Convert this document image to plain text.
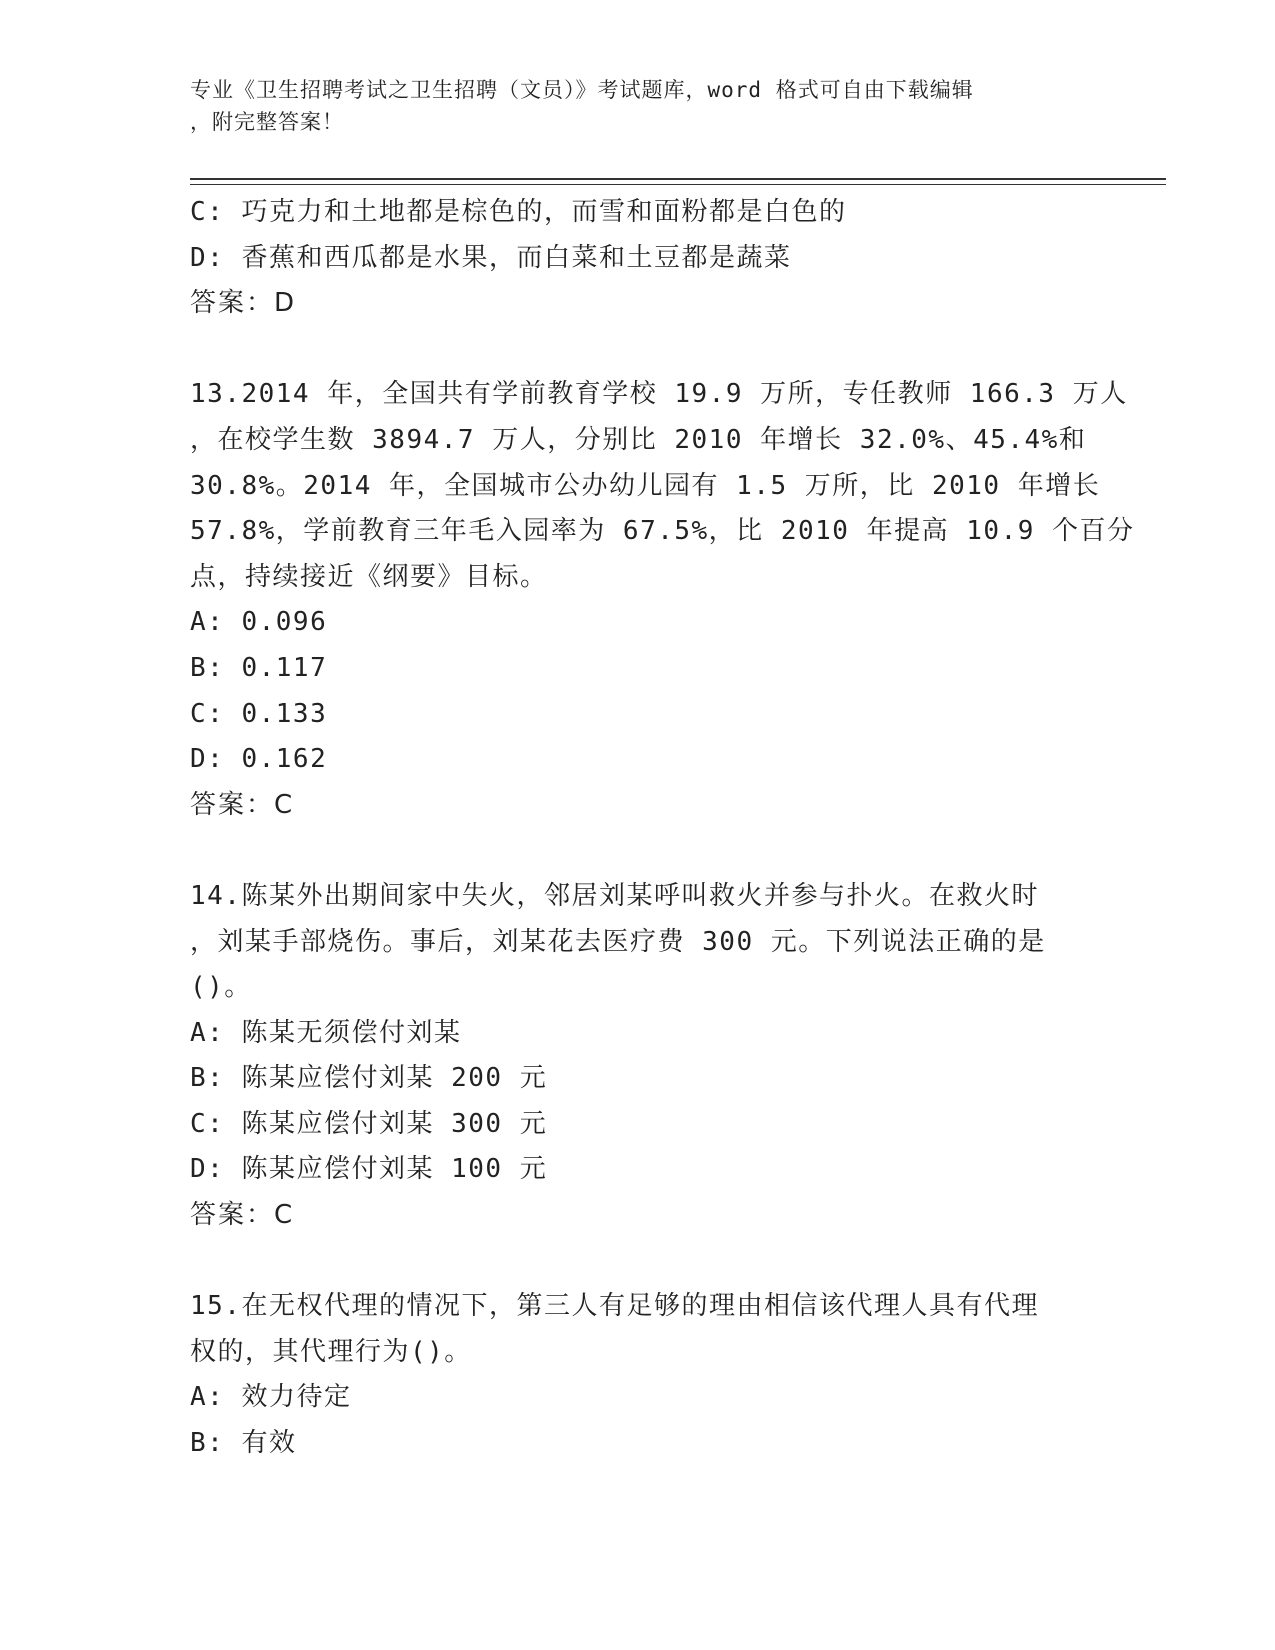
专业《卫生招聘考试之卫生招聘（文员）》考试题库，word 格式可自由下载编辑
，附完整答案！
C: 巧克力和土地都是棕色的，而雪和面粉都是白色的
D: 香蕉和西瓜都是水果，而白菜和土豆都是蔬菜
答案：D
13.2014 年，全国共有学前教育学校 19.9 万所，专任教师 166.3 万人
，在校学生数 3894.7 万人，分别比 2010 年增长 32.0%、45.4%和
30.8%。2014 年，全国城市公办幼儿园有 1.5 万所，比 2010 年增长
57.8%，学前教育三年毛入园率为 67.5%，比 2010 年提高 10.9 个百分
点，持续接近《纲要》目标。
A: 0.096
B: 0.117
C: 0.133
D: 0.162
答案：C
14.陈某外出期间家中失火，邻居刘某呼叫救火并参与扑火。在救火时
，刘某手部烧伤。事后，刘某花去医疗费 300 元。下列说法正确的是
()。
A: 陈某无须偿付刘某
B: 陈某应偿付刘某 200 元
C: 陈某应偿付刘某 300 元
D: 陈某应偿付刘某 100 元
答案：C
15.在无权代理的情况下，第三人有足够的理由相信该代理人具有代理
权的，其代理行为()。
A: 效力待定
B: 有效
